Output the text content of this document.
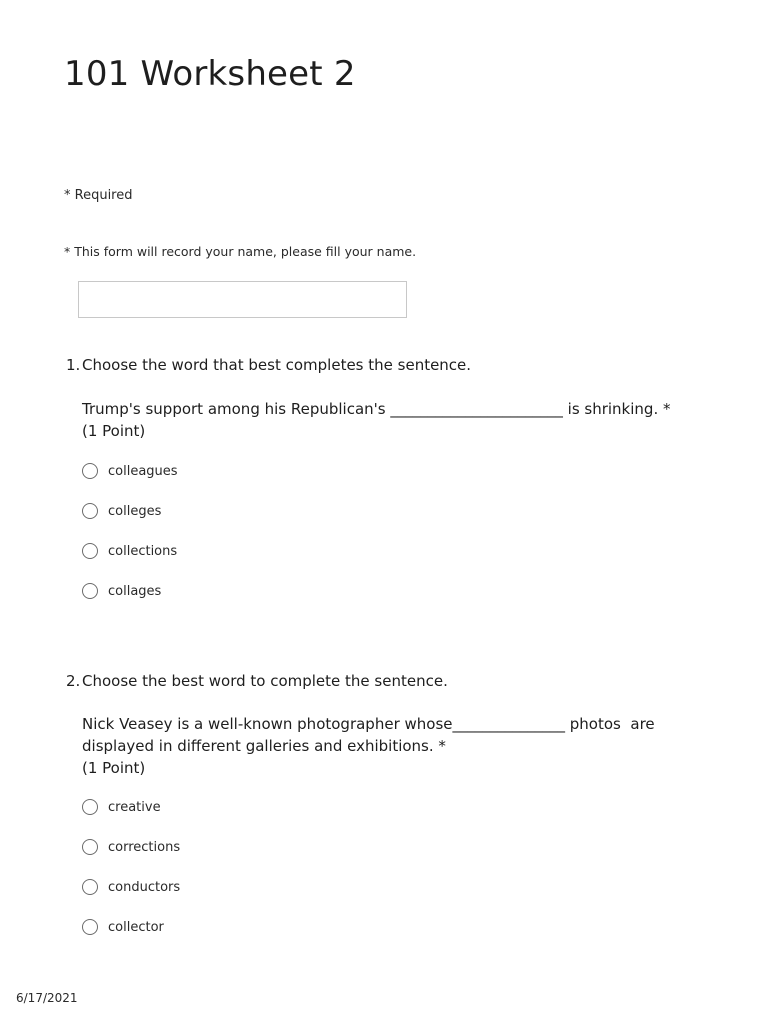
101 Worksheet 2
* Required
* This form will record your name, please fill your name.
1. Choose the word that best completes the sentence.
Trump's support among his Republican's _______________________ is shrinking. *
(1 Point)
colleagues
colleges
collections
collages
2. Choose the best word to complete the sentence.
Nick Veasey is a well-known photographer whose_______________ photos  are
displayed in different galleries and exhibitions. *
(1 Point)
creative
corrections
conductors
collector
6/17/2021
